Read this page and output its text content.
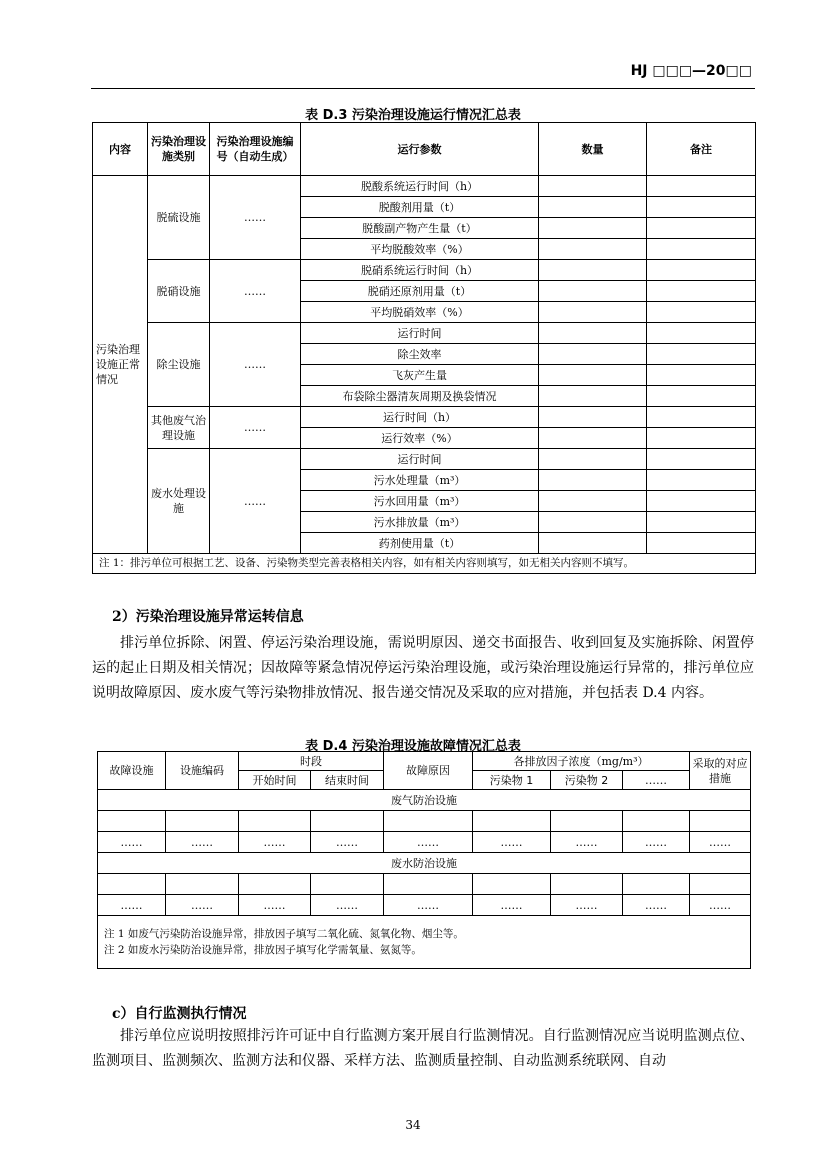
HJ □□□—20□□
表 D.3 污染治理设施运行情况汇总表
内容	污染治理设施类别	污染治理设施编号（自动生成）	运行参数	数量	备注
污染治理设施正常情况	脱硫设施	……	脱酸系统运行时间（h）		
			脱酸剂用量（t）		
			脱酸副产物产生量（t）		
			平均脱酸效率（%）		
	脱硝设施	……	脱硝系统运行时间（h）		
			脱硝还原剂用量（t）		
			平均脱硝效率（%）		
	除尘设施	……	运行时间		
			除尘效率		
			飞灰产生量		
			布袋除尘器清灰周期及换袋情况		
	其他废气治理设施	……	运行时间（h）		
			运行效率（%）		
	废水处理设施	……	运行时间		
			污水处理量（m³）		
			污水回用量（m³）		
			污水排放量（m³）		
			药剂使用量（t）		
注 1：排污单位可根据工艺、设备、污染物类型完善表格相关内容，如有相关内容则填写，如无相关内容则不填写。					
2）污染治理设施异常运转信息

排污单位拆除、闲置、停运污染治理设施，需说明原因、递交书面报告、收到回复及实施拆除、闲置停运的起止日期及相关情况；因故障等紧急情况停运污染治理设施，或污染治理设施运行异常的，排污单位应说明故障原因、废水废气等污染物排放情况、报告递交情况及采取的应对措施，并包括表 D.4 内容。

表 D.4 污染治理设施故障情况汇总表
故障设施	设施编码	时段		故障原因	各排放因子浓度（mg/m³）			采取的对应措施
		开始时间	结束时间		污染物 1	污染物 2	……	
废气防治设施								

……	……	……	……	……	……	……	……	……
废水防治设施								

……	……	……	……	……	……	……	……	……

注 1 如废气污染防治设施异常，排放因子填写二氧化硫、氮氧化物、烟尘等。
注 2 如废水污染防治设施异常，排放因子填写化学需氧量、氨氮等。								
c）自行监测执行情况

排污单位应说明按照排污许可证中自行监测方案开展自行监测情况。自行监测情况应当说明监测点位、监测项目、监测频次、监测方法和仪器、采样方法、监测质量控制、自动监测系统联网、自动

34
